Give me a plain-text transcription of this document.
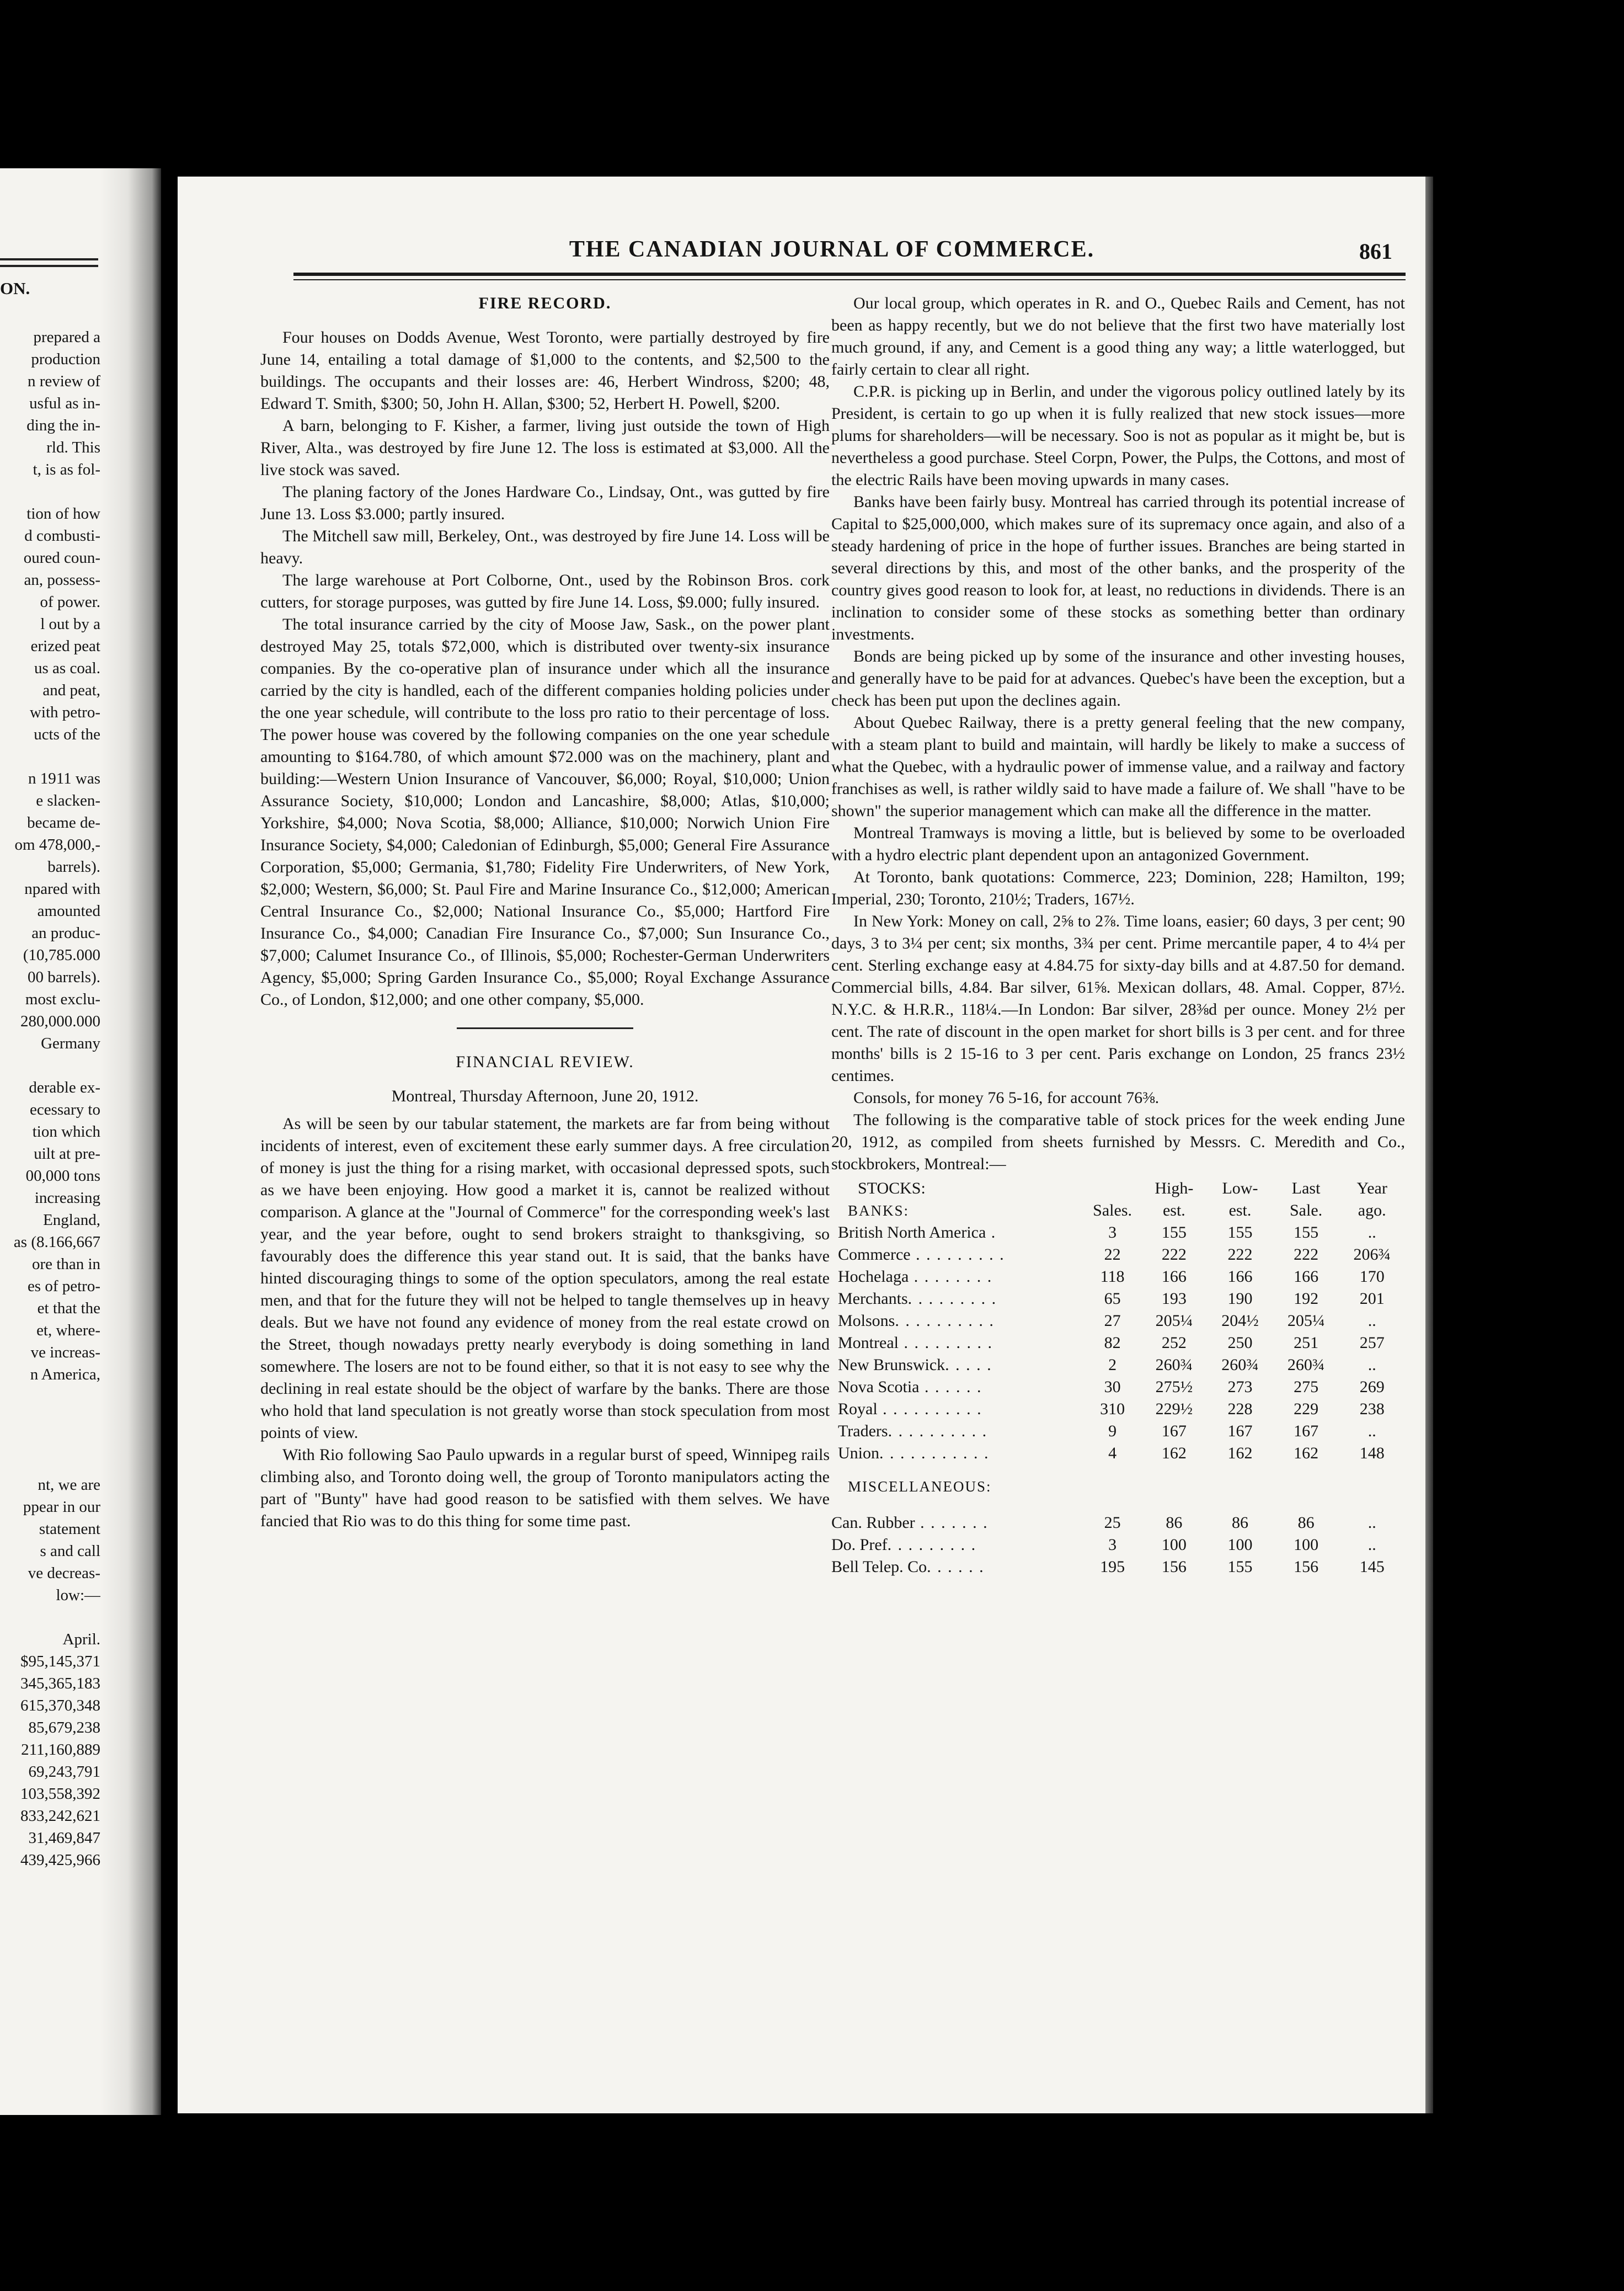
ON.
prepared a
production
n review of
usful as in-
ding the in-
rld. This
t, is as fol-
tion of how
d combusti-
oured coun-
an, possess-
of power.
l out by a
erized peat
us as coal.
and peat,
with petro-
ucts of the
n 1911 was
e slacken-
became de-
om 478,000,-
barrels).
npared with
amounted
an produc-
(10,785.000
00 barrels).
most exclu-
280,000.000
Germany
derable ex-
ecessary to
tion which
uilt at pre-
00,000 tons
increasing
England,
as (8.166,667
ore than in
es of petro-
et that the
et, where-
ve increas-
n America,
nt, we are
ppear in our
statement
s and call
ve decreas-
low:—
April.
$95,145,371
345,365,183
615,370,348
85,679,238
211,160,889
69,243,791
103,558,392
833,242,621
31,469,847
439,425,966
THE CANADIAN JOURNAL OF COMMERCE.	861
FIRE RECORD.

Four houses on Dodds Avenue, West Toronto, were partially destroyed by fire June 14, entailing a total damage of $1,000 to the contents, and $2,500 to the buildings. The occupants and their losses are: 46, Herbert Windross, $200; 48, Edward T. Smith, $300; 50, John H. Allan, $300; 52, Herbert H. Powell, $200.

A barn, belonging to F. Kisher, a farmer, living just outside the town of High River, Alta., was destroyed by fire June 12. The loss is estimated at $3,000. All the live stock was saved.

The planing factory of the Jones Hardware Co., Lindsay, Ont., was gutted by fire June 13. Loss $3.000; partly insured.

The Mitchell saw mill, Berkeley, Ont., was destroyed by fire June 14. Loss will be heavy.

The large warehouse at Port Colborne, Ont., used by the Robinson Bros. cork cutters, for storage purposes, was gutted by fire June 14. Loss, $9.000; fully insured.

The total insurance carried by the city of Moose Jaw, Sask., on the power plant destroyed May 25, totals $72,000, which is distributed over twenty-six insurance companies. By the co-operative plan of insurance under which all the insurance carried by the city is handled, each of the different companies holding policies under the one year schedule, will contribute to the loss pro ratio to their percentage of loss. The power house was covered by the following companies on the one year schedule amounting to $164.780, of which amount $72.000 was on the machinery, plant and building:—Western Union Insurance of Vancouver, $6,000; Royal, $10,000; Union Assurance Society, $10,000; London and Lancashire, $8,000; Atlas, $10,000; Yorkshire, $4,000; Nova Scotia, $8,000; Alliance, $10,000; Norwich Union Fire Insurance Society, $4,000; Caledonian of Edinburgh, $5,000; General Fire Assurance Corporation, $5,000; Germania, $1,780; Fidelity Fire Underwriters, of New York, $2,000; Western, $6,000; St. Paul Fire and Marine Insurance Co., $12,000; American Central Insurance Co., $2,000; National Insurance Co., $5,000; Hartford Fire Insurance Co., $4,000; Canadian Fire Insurance Co., $7,000; Sun Insurance Co., $7,000; Calumet Insurance Co., of Illinois, $5,000; Rochester-German Underwriters Agency, $5,000; Spring Garden Insurance Co., $5,000; Royal Exchange Assurance Co., of London, $12,000; and one other company, $5,000.

FINANCIAL REVIEW.
Montreal, Thursday Afternoon, June 20, 1912.

As will be seen by our tabular statement, the markets are far from being without incidents of interest, even of excitement these early summer days. A free circulation of money is just the thing for a rising market, with occasional depressed spots, such as we have been enjoying. How good a market it is, cannot be realized without comparison. A glance at the "Journal of Commerce" for the corresponding week's last year, and the year before, ought to send brokers straight to thanksgiving, so favourably does the difference this year stand out. It is said, that the banks have hinted discouraging things to some of the option speculators, among the real estate men, and that for the future they will not be helped to tangle themselves up in heavy deals. But we have not found any evidence of money from the real estate crowd on the Street, though nowadays pretty nearly everybody is doing something in land somewhere. The losers are not to be found either, so that it is not easy to see why the declining in real estate should be the object of warfare by the banks. There are those who hold that land speculation is not greatly worse than stock speculation from most points of view.

With Rio following Sao Paulo upwards in a regular burst of speed, Winnipeg rails climbing also, and Toronto doing well, the group of Toronto manipulators acting the part of "Bunty" have had good reason to be satisfied with them selves. We have fancied that Rio was to do this thing for some time past.

Our local group, which operates in R. and O., Quebec Rails and Cement, has not been as happy recently, but we do not believe that the first two have materially lost much ground, if any, and Cement is a good thing any way; a little waterlogged, but fairly certain to clear all right.

C.P.R. is picking up in Berlin, and under the vigorous policy outlined lately by its President, is certain to go up when it is fully realized that new stock issues—more plums for shareholders—will be necessary. Soo is not as popular as it might be, but is nevertheless a good purchase. Steel Corpn, Power, the Pulps, the Cottons, and most of the electric Rails have been moving upwards in many cases.

Banks have been fairly busy. Montreal has carried through its potential increase of Capital to $25,000,000, which makes sure of its supremacy once again, and also of a steady hardening of price in the hope of further issues. Branches are being started in several directions by this, and most of the other banks, and the prosperity of the country gives good reason to look for, at least, no reductions in dividends. There is an inclination to consider some of these stocks as something better than ordinary investments.

Bonds are being picked up by some of the insurance and other investing houses, and generally have to be paid for at advances. Quebec's have been the exception, but a check has been put upon the declines again.

About Quebec Railway, there is a pretty general feeling that the new company, with a steam plant to build and maintain, will hardly be likely to make a success of what the Quebec, with a hydraulic power of immense value, and a railway and factory franchises as well, is rather wildly said to have made a failure of. We shall "have to be shown" the superior management which can make all the difference in the matter.

Montreal Tramways is moving a little, but is believed by some to be overloaded with a hydro electric plant dependent upon an antagonized Government.

At Toronto, bank quotations: Commerce, 223; Dominion, 228; Hamilton, 199; Imperial, 230; Toronto, 210½; Traders, 167½.

In New York: Money on call, 2⅝ to 2⅞. Time loans, easier; 60 days, 3 per cent; 90 days, 3 to 3¼ per cent; six months, 3¾ per cent. Prime mercantile paper, 4 to 4¼ per cent. Sterling exchange easy at 4.84.75 for sixty-day bills and at 4.87.50 for demand. Commercial bills, 4.84. Bar silver, 61⅝. Mexican dollars, 48. Amal. Copper, 87½. N.Y.C. & H.R.R., 118¼.—In London: Bar silver, 28⅜d per ounce. Money 2½ per cent. The rate of discount in the open market for short bills is 3 per cent. and for three months' bills is 2 15-16 to 3 per cent. Paris exchange on London, 25 francs 23½ centimes.

Consols, for money 76 5-16, for account 76⅜.

The following is the comparative table of stock prices for the week ending June 20, 1912, as compiled from sheets furnished by Messrs. C. Meredith and Co., stockbrokers, Montreal:—

STOCKS:		High-	Low-	Last	Year
BANKS:	Sales.	est.	est.	Sale.	ago.
British North America .	3	155	155	155	..
Commerce . . . . . . . . .	22	222	222	222	206¾
Hochelaga . . . . . . . .	118	166	166	166	170
Merchants. . . . . . . . .	65	193	190	192	201
Molsons. . . . . . . . . .	27	205¼	204½	205¼	..
Montreal . . . . . . . . .	82	252	250	251	257
New Brunswick. . . . .	2	260¾	260¾	260¾	..
Nova Scotia . . . . . .	30	275½	273	275	269
Royal . . . . . . . . . .	310	229½	228	229	238
Traders. . . . . . . . . .	9	167	167	167	..
Union. . . . . . . . . . .	4	162	162	162	148

MISCELLANEOUS:					

Can. Rubber . . . . . . .	25	86	86	86	..
Do. Pref. . . . . . . . .	3	100	100	100	..
Bell Telep. Co. . . . . .	195	156	155	156	145
